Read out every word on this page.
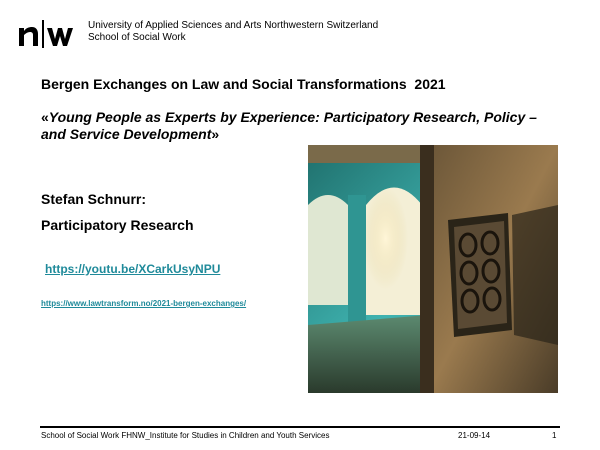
University of Applied Sciences and Arts Northwestern Switzerland
School of Social Work
Bergen Exchanges on Law and Social Transformations  2021
«Young People as Experts by Experience: Participatory Research, Policy – and Service Development»
Stefan Schnurr:
Participatory Research
https://youtu.be/XCarkUsyNPU
https://www.lawtransform.no/2021-bergen-exchanges/
School of Social Work FHNW_Institute for Studies in Children and Youth Services	21-09-14	1
